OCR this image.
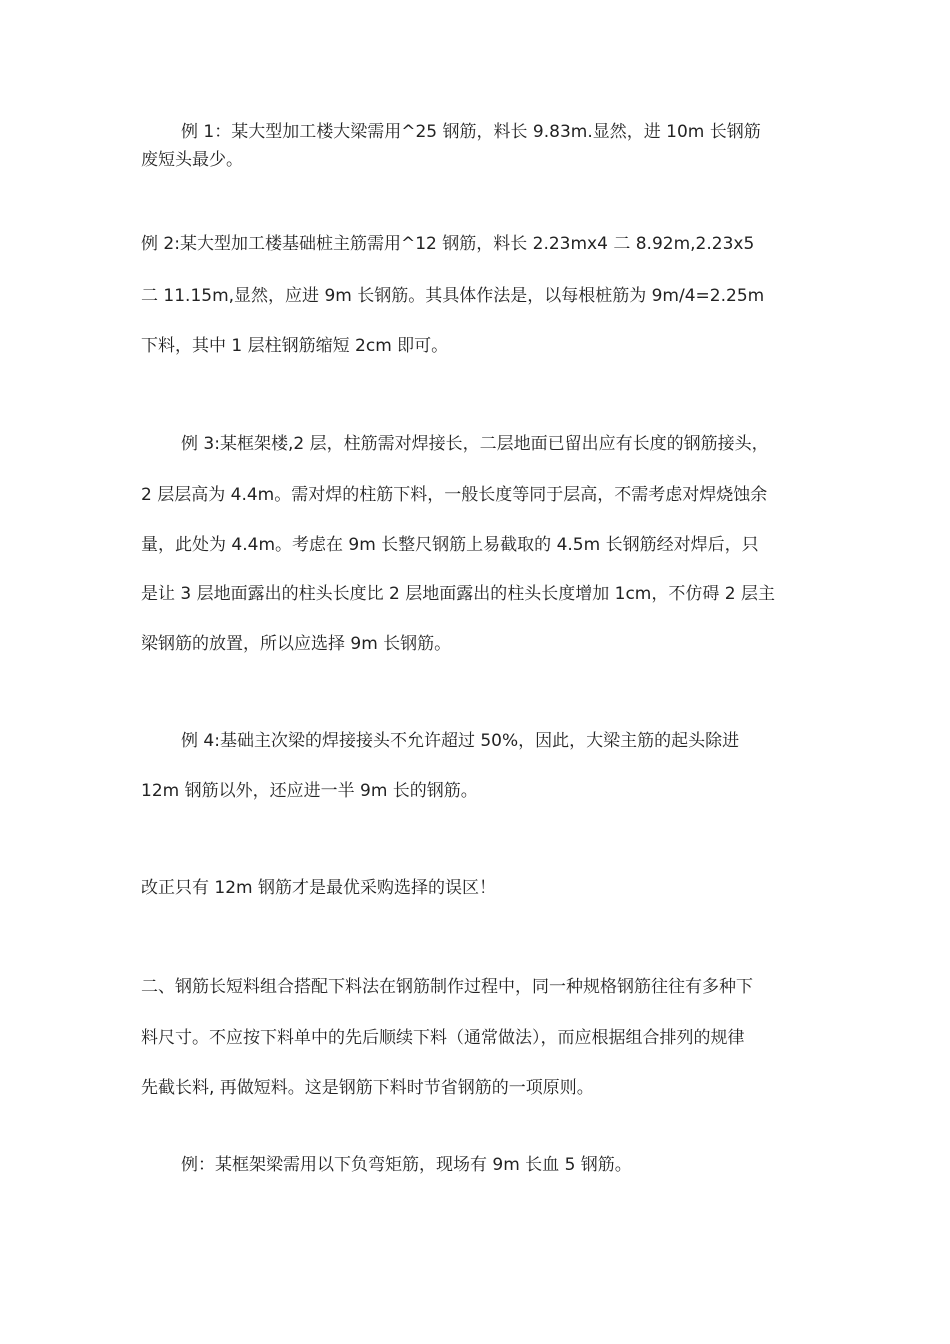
例 1：某大型加工楼大梁需用^25 钢筋，料长 9.83m.显然，进 10m 长钢筋
废短头最少。
例 2:某大型加工楼基础桩主筋需用^12 钢筋，料长 2.23mx4 二 8.92m,2.23x5
二 11.15m,显然，应进 9m 长钢筋。其具体作法是，以每根桩筋为 9m/4=2.25m
下料，其中 1 层柱钢筋缩短 2cm 即可。
例 3:某框架楼,2 层，柱筋需对焊接长，二层地面已留出应有长度的钢筋接头，
2 层层高为 4.4m。需对焊的柱筋下料，一般长度等同于层高，不需考虑对焊烧蚀余
量，此处为 4.4m。考虑在 9m 长整尺钢筋上易截取的 4.5m 长钢筋经对焊后，只
是让 3 层地面露出的柱头长度比 2 层地面露出的柱头长度增加 1cm，不仿碍 2 层主
梁钢筋的放置，所以应选择 9m 长钢筋。
例 4:基础主次梁的焊接接头不允许超过 50%，因此，大梁主筋的起头除进
12m 钢筋以外，还应进一半 9m 长的钢筋。
改正只有 12m 钢筋才是最优采购选择的误区！
二、钢筋长短料组合搭配下料法在钢筋制作过程中，同一种规格钢筋往往有多种下
料尺寸。不应按下料单中的先后顺续下料（通常做法），而应根据组合排列的规律
先截长料, 再做短料。这是钢筋下料时节省钢筋的一项原则。
例：某框架梁需用以下负弯矩筋，现场有 9m 长血 5 钢筋。
